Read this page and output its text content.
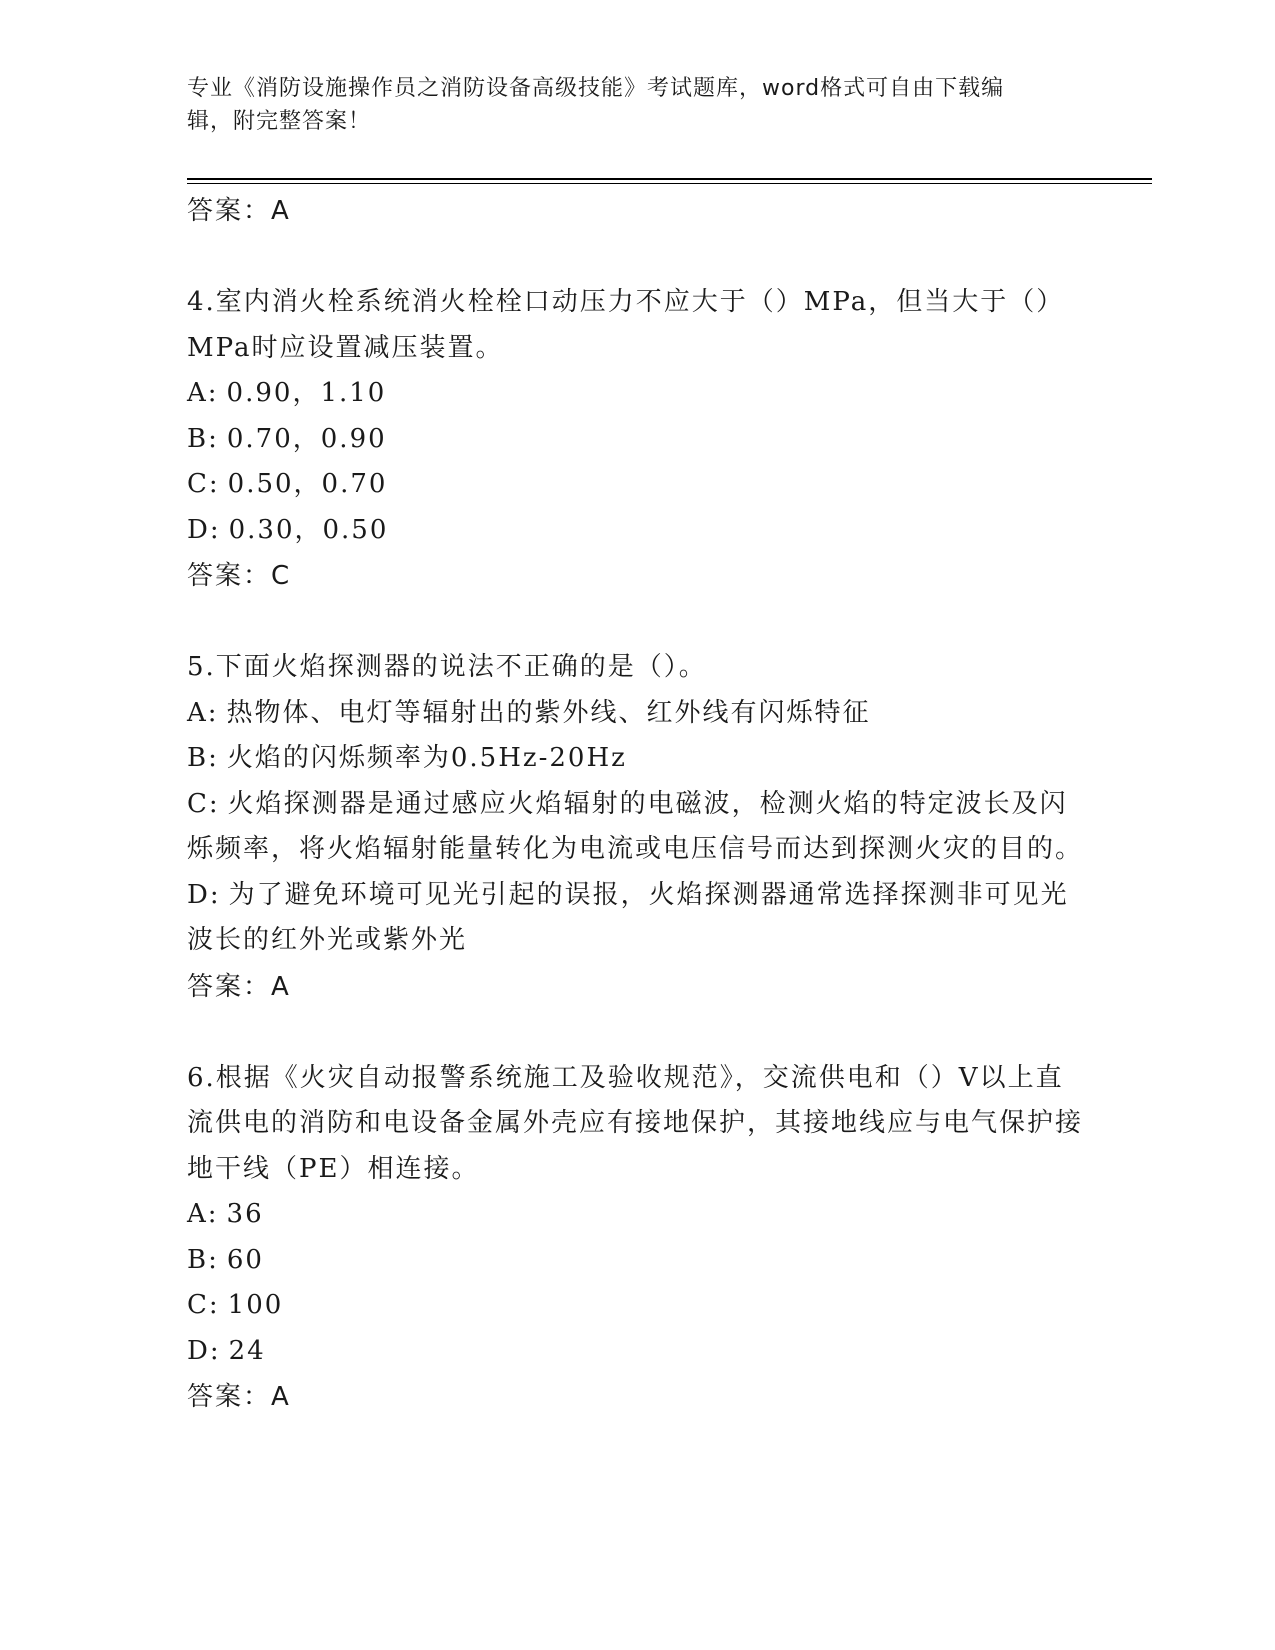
专业《消防设施操作员之消防设备高级技能》考试题库，word格式可自由下载编
辑，附完整答案！
答案：A
4.室内消火栓系统消火栓栓口动压力不应大于（）MPa，但当大于（）MPa时应设置减压装置。
A: 0.90，1.10
B: 0.70，0.90
C: 0.50，0.70
D: 0.30，0.50
答案：C
5.下面火焰探测器的说法不正确的是（）。
A: 热物体、电灯等辐射出的紫外线、红外线有闪烁特征
B: 火焰的闪烁频率为0.5Hz-20Hz
C: 火焰探测器是通过感应火焰辐射的电磁波，检测火焰的特定波长及闪烁频率，将火焰辐射能量转化为电流或电压信号而达到探测火灾的目的。
D: 为了避免环境可见光引起的误报，火焰探测器通常选择探测非可见光波长的红外光或紫外光
答案：A
6.根据《火灾自动报警系统施工及验收规范》，交流供电和（）V以上直流供电的消防和电设备金属外壳应有接地保护，其接地线应与电气保护接地干线（PE）相连接。
A: 36
B: 60
C: 100
D: 24
答案：A
